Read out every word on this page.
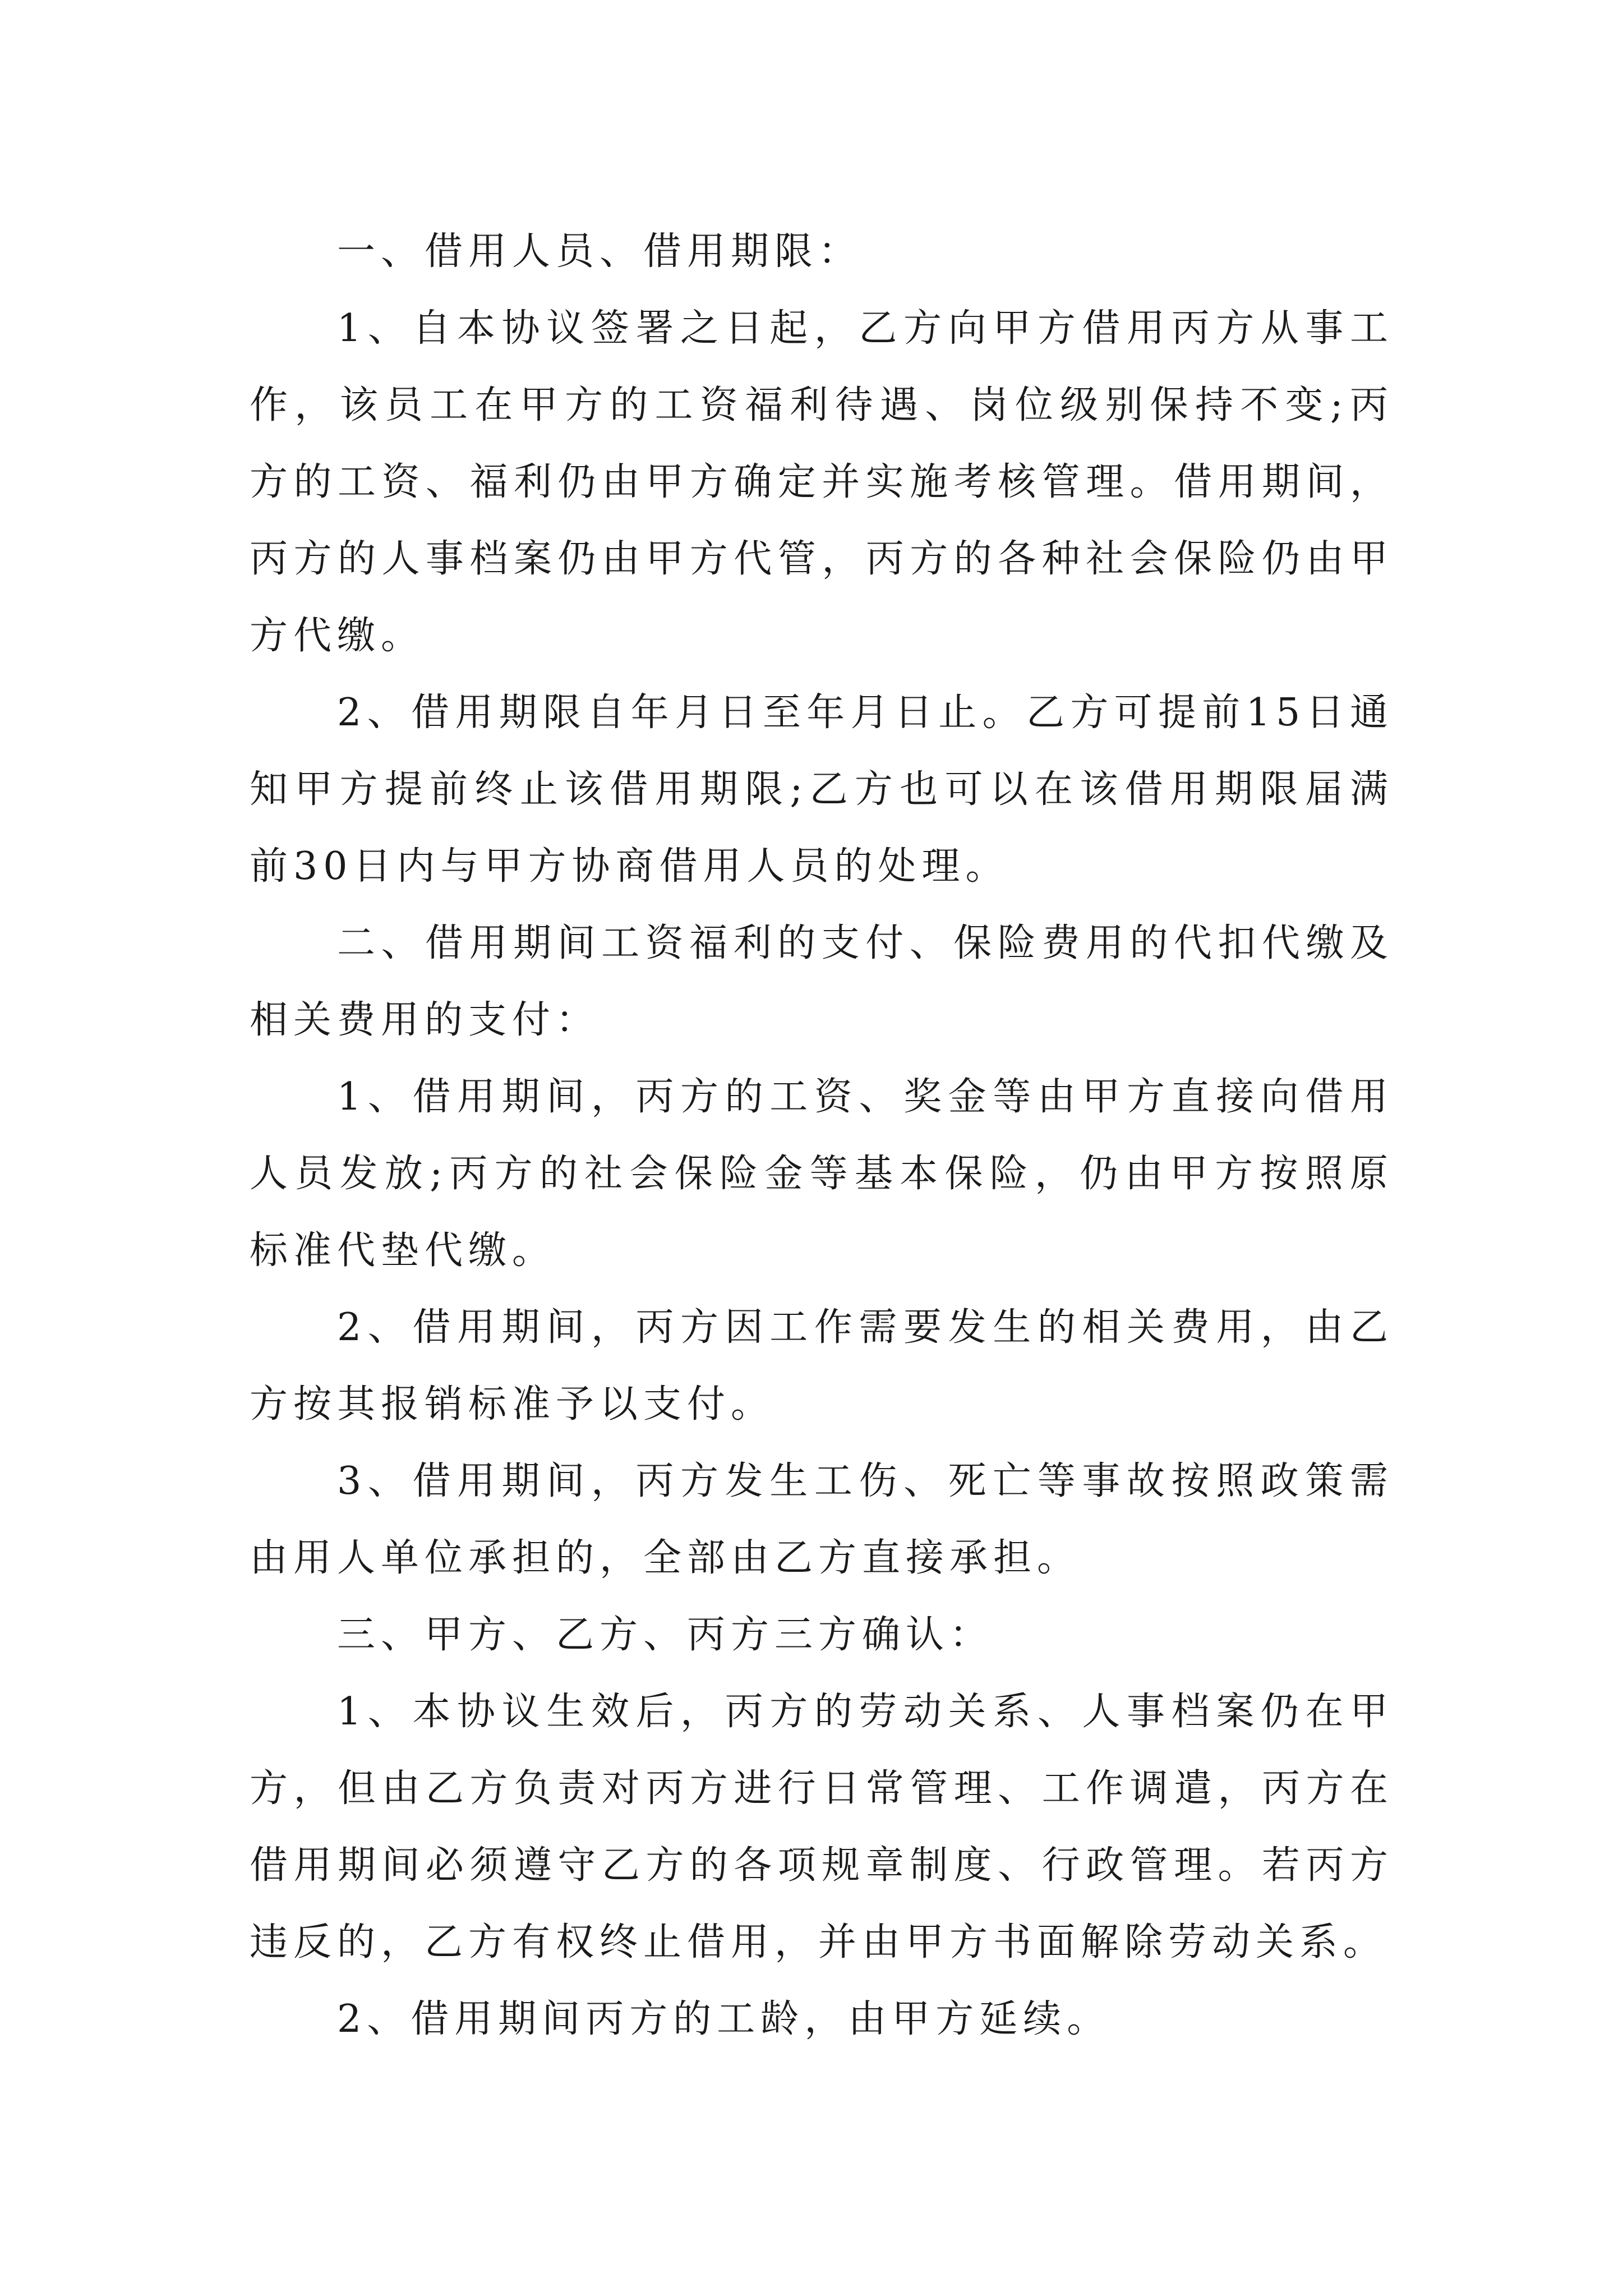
一、借用人员、借用期限：

1、自本协议签署之日起，乙方向甲方借用丙方从事工作，该员工在甲方的工资福利待遇、岗位级别保持不变;丙方的工资、福利仍由甲方确定并实施考核管理。借用期间，丙方的人事档案仍由甲方代管，丙方的各种社会保险仍由甲方代缴。

2、借用期限自年月日至年月日止。乙方可提前15日通知甲方提前终止该借用期限;乙方也可以在该借用期限届满前30日内与甲方协商借用人员的处理。

二、借用期间工资福利的支付、保险费用的代扣代缴及相关费用的支付：

1、借用期间，丙方的工资、奖金等由甲方直接向借用人员发放;丙方的社会保险金等基本保险，仍由甲方按照原标准代垫代缴。

2、借用期间，丙方因工作需要发生的相关费用，由乙方按其报销标准予以支付。

3、借用期间，丙方发生工伤、死亡等事故按照政策需由用人单位承担的，全部由乙方直接承担。

三、甲方、乙方、丙方三方确认：

1、本协议生效后，丙方的劳动关系、人事档案仍在甲方，但由乙方负责对丙方进行日常管理、工作调遣，丙方在借用期间必须遵守乙方的各项规章制度、行政管理。若丙方违反的，乙方有权终止借用，并由甲方书面解除劳动关系。

2、借用期间丙方的工龄，由甲方延续。
